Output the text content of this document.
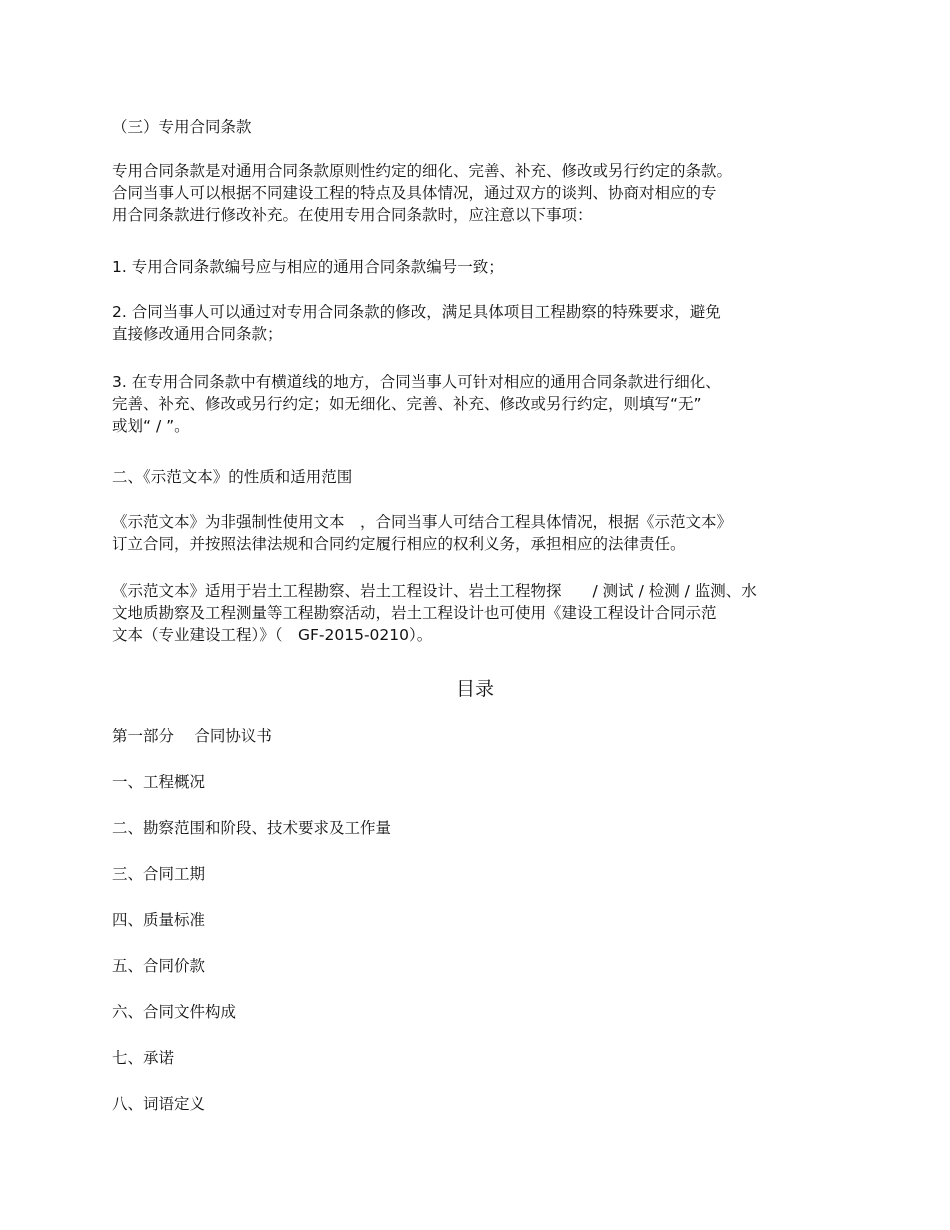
（三）专用合同条款
专用合同条款是对通用合同条款原则性约定的细化、完善、补充、修改或另行约定的条款。
合同当事人可以根据不同建设工程的特点及具体情况，通过双方的谈判、协商对相应的专
用合同条款进行修改补充。在使用专用合同条款时，应注意以下事项：
1. 专用合同条款编号应与相应的通用合同条款编号一致；
2. 合同当事人可以通过对专用合同条款的修改，满足具体项目工程勘察的特殊要求，避免
直接修改通用合同条款；
3. 在专用合同条款中有横道线的地方，合同当事人可针对相应的通用合同条款进行细化、
完善、补充、修改或另行约定；如无细化、完善、补充、修改或另行约定，则填写“无”
或划“ / ”。
二、《示范文本》的性质和适用范围
《示范文本》为非强制性使用文本　，合同当事人可结合工程具体情况，根据《示范文本》
订立合同，并按照法律法规和合同约定履行相应的权利义务，承担相应的法律责任。
《示范文本》适用于岩土工程勘察、岩土工程设计、岩土工程物探　　/ 测试 / 检测 / 监测、水
文地质勘察及工程测量等工程勘察活动，岩土工程设计也可使用《建设工程设计合同示范
文本（专业建设工程）》（　GF-2015-0210）。
目录
第一部分　 合同协议书
一、工程概况
二、勘察范围和阶段、技术要求及工作量
三、合同工期
四、质量标准
五、合同价款
六、合同文件构成
七、承诺
八、词语定义
